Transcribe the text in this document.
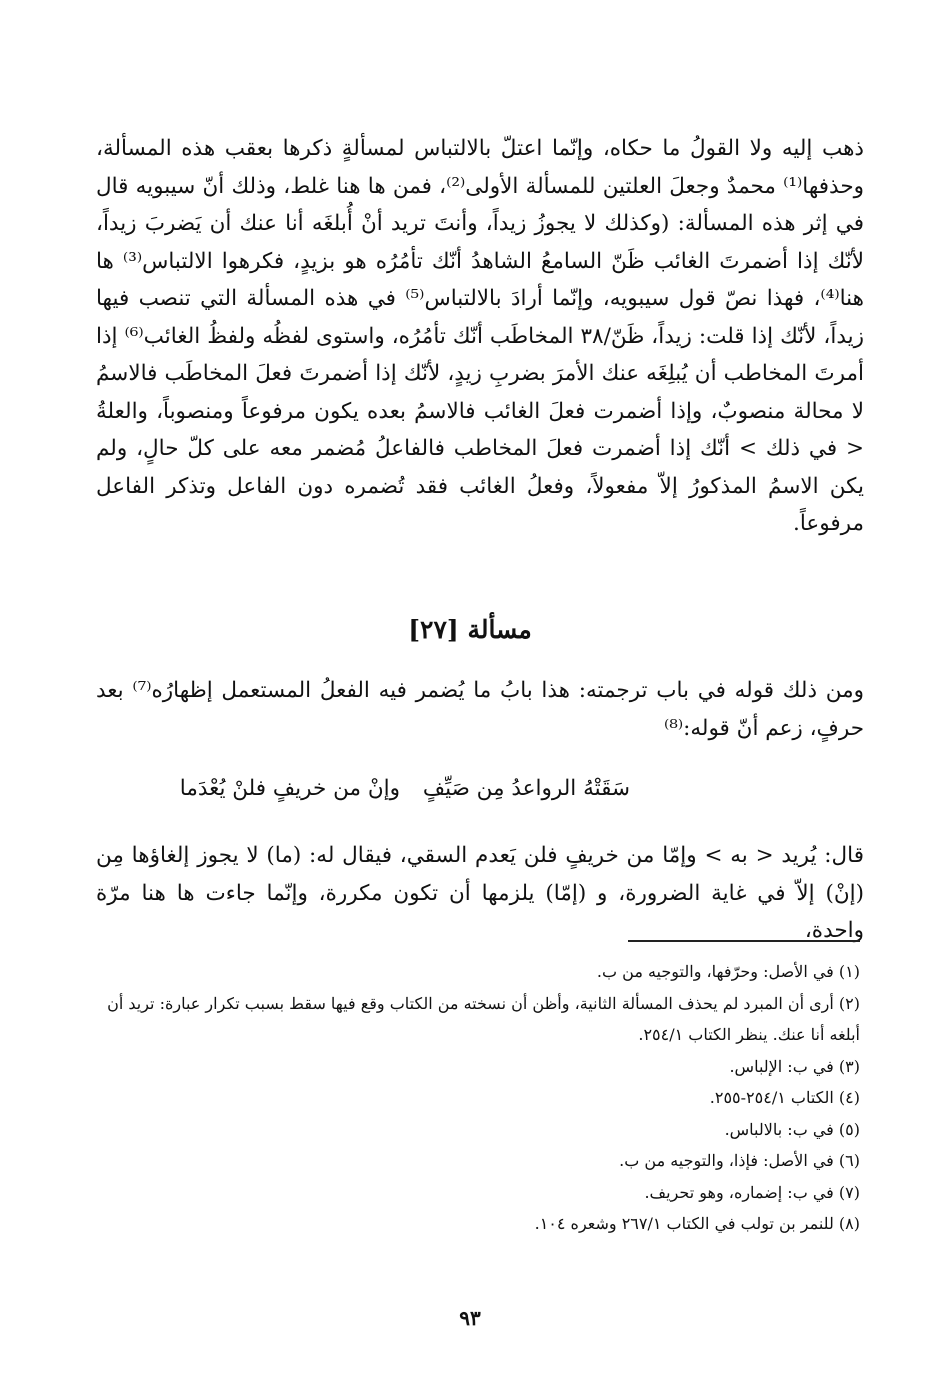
ذهب إليه ولا القولُ ما حكاه، وإنّما اعتلّ بالالتباس لمسألةٍ ذكرها بعقب هذه المسألة، وحذفها⁽¹⁾ محمدٌ وجعلَ العلتين للمسألة الأولى⁽²⁾، فمن ها هنا غلط، وذلك أنّ سيبويه قال في إثر هذه المسألة: (وكذلك لا يجوزُ زيداً، وأنتَ تريد أنْ أُبلغَه أنا عنك أن يَضربَ زيداً، لأنّك إذا أضمرتَ الغائب ظَنّ السامعُ الشاهدُ أنّك تأمُرُه هو بزيدٍ، فكرهوا الالتباس⁽³⁾ ها هنا⁽⁴⁾، فهذا نصّ قول سيبويه، وإنّما أرادَ بالالتباس⁽⁵⁾ في هذه المسألة التي تنصب فيها زيداً، لأنّك إذا قلت: زيداً، ظَنّ/٣٨ المخاطَب أنّك تأمُرُه، واستوى لفظُه ولفظُ الغائب⁽⁶⁾ إذا أمرتَ المخاطب أن يُبلِغَه عنك الأمرَ بضربِ زيدٍ، لأنّك إذا أضمرتَ فعلَ المخاطَب فالاسمُ لا محالة منصوبٌ، وإذا أضمرت فعلَ الغائب فالاسمُ بعده يكون مرفوعاً ومنصوباً، والعلةُ < في ذلك > أنّك إذا أضمرت فعلَ المخاطب فالفاعلُ مُضمر معه على كلّ حالٍ، ولم يكن الاسمُ المذكورُ إلاّ مفعولاً، وفعلُ الغائب فقد تُضمره دون الفاعل وتذكر الفاعل مرفوعاً.

مسألة [٢٧]

ومن ذلك قوله في باب ترجمته: هذا بابُ ما يُضمر فيه الفعلُ المستعمل إظهارُه⁽⁷⁾ بعد حرفٍ، زعم أنّ قوله:⁽⁸⁾

سَقَتْهُ الرواعدُ مِن صَيِّفٍ
وإنْ من خريفٍ فلنْ يُعْدَما

قال: يُريد < به > وإمّا من خريفٍ فلن يَعدم السقي، فيقال له: (ما) لا يجوز إلغاؤها مِن (إنْ) إلاّ في غاية الضرورة، و (إمّا) يلزمها أن تكون مكررة، وإنّما جاءت ها هنا مرّة واحدة،

(١) في الأصل: وحرّفها، والتوجيه من ب.
(٢) أرى أن المبرد لم يحذف المسألة الثانية، وأظن أن نسخته من الكتاب وقع فيها سقط بسبب تكرار عبارة: تريد أن أبلغه أنا عنك. ينظر الكتاب ٢٥٤/١.
(٣) في ب: الإلباس.
(٤) الكتاب ٢٥٤/١-٢٥٥.
(٥) في ب: بالالباس.
(٦) في الأصل: فإذا، والتوجيه من ب.
(٧) في ب: إضماره، وهو تحريف.
(٨) للنمر بن تولب في الكتاب ٢٦٧/١ وشعره ١٠٤.
٩٣
